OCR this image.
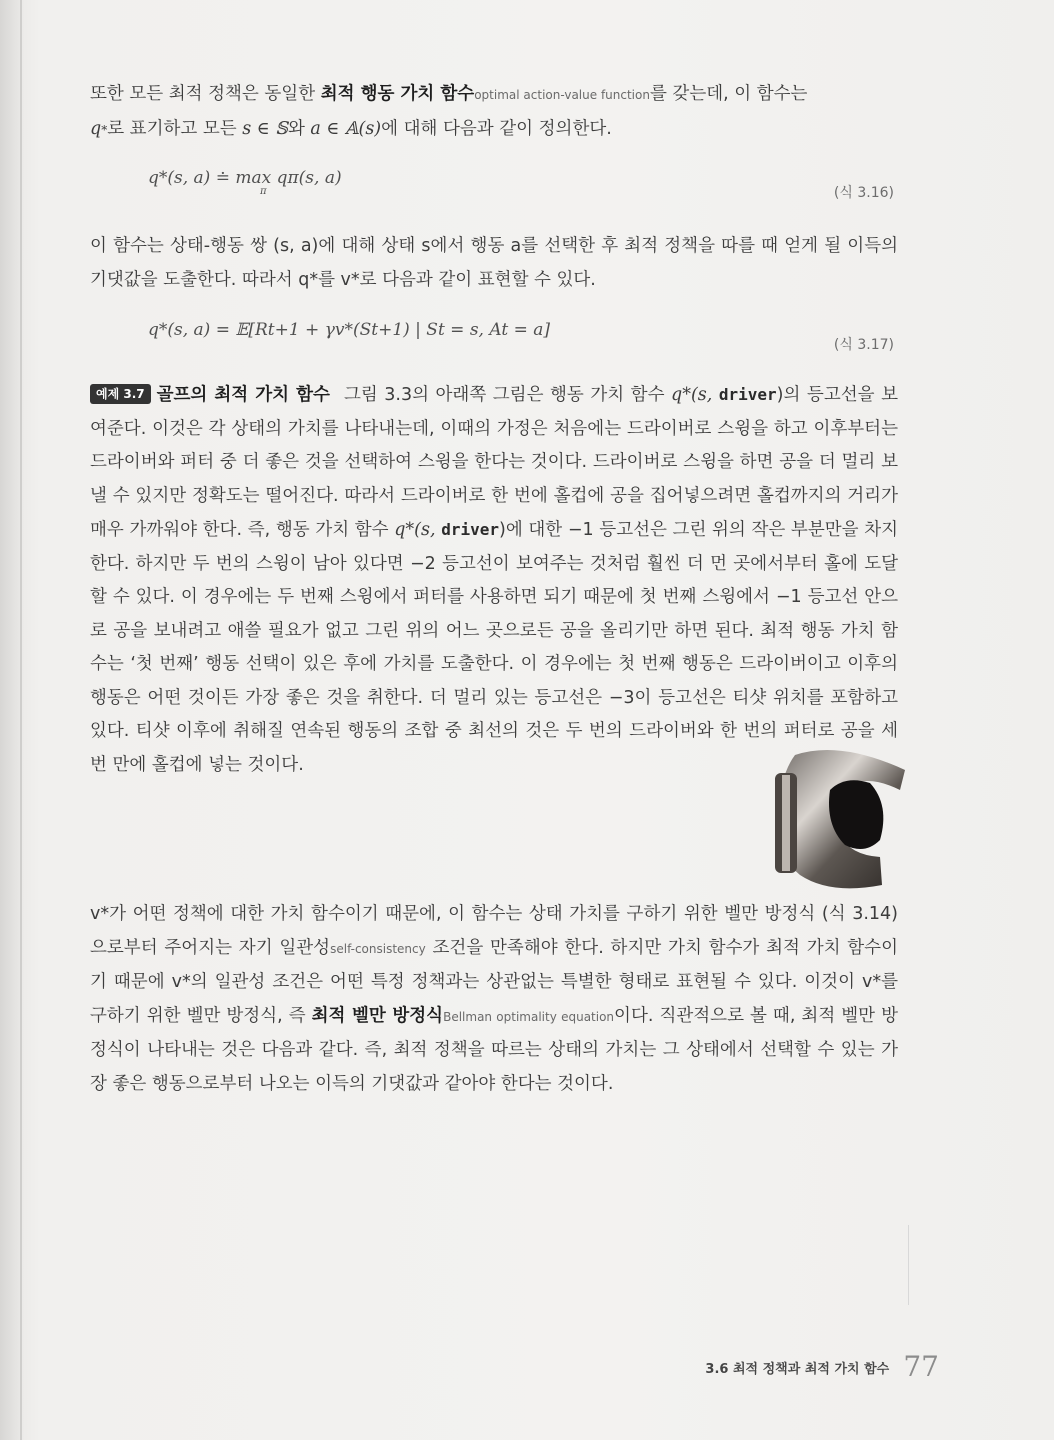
또한 모든 최적 정책은 동일한 최적 행동 가치 함수optimal action-value function를 갖는데, 이 함수는
q*로 표기하고 모든 s ∈ 𝕊와 a ∈ 𝔸(s)에 대해 다음과 같이 정의한다.
q*(s, a) ≐ max qπ(s, a)
π	(식 3.16)
이 함수는 상태-행동 쌍 (s, a)에 대해 상태 s에서 행동 a를 선택한 후 최적 정책을 따를 때 얻게 될 이득의 기댓값을 도출한다. 따라서 q*를 v*로 다음과 같이 표현할 수 있다.
q*(s, a) = 𝔼[Rt+1 + γv*(St+1) | St = s, At = a]
(식 3.17)
예제 3.7 골프의 최적 가치 함수 그림 3.3의 아래쪽 그림은 행동 가치 함수 q*(s, driver)의 등고선을 보여준다. 이것은 각 상태의 가치를 나타내는데, 이때의 가정은 처음에는 드라이버로 스윙을 하고 이후부터는 드라이버와 퍼터 중 더 좋은 것을 선택하여 스윙을 한다는 것이다. 드라이버로 스윙을 하면 공을 더 멀리 보낼 수 있지만 정확도는 떨어진다. 따라서 드라이버로 한 번에 홀컵에 공을 집어넣으려면 홀컵까지의 거리가 매우 가까워야 한다. 즉, 행동 가치 함수 q*(s, driver)에 대한 −1 등고선은 그린 위의 작은 부분만을 차지한다. 하지만 두 번의 스윙이 남아 있다면 −2 등고선이 보여주는 것처럼 훨씬 더 먼 곳에서부터 홀에 도달할 수 있다. 이 경우에는 두 번째 스윙에서 퍼터를 사용하면 되기 때문에 첫 번째 스윙에서 −1 등고선 안으로 공을 보내려고 애쓸 필요가 없고 그린 위의 어느 곳으로든 공을 올리기만 하면 된다. 최적 행동 가치 함수는 ‘첫 번째’ 행동 선택이 있은 후에 가치를 도출한다. 이 경우에는 첫 번째 행동은 드라이버이고 이후의 행동은 어떤 것이든 가장 좋은 것을 취한다. 더 멀리 있는 등고선은 −3이 등고선은 티샷 위치를 포함하고 있다. 티샷 이후에 취해질 연속된 행동의 조합 중 최선의 것은 두 번의 드라이버와 한 번의 퍼터로 공을 세 번 만에 홀컵에 넣는 것이다.
v*가 어떤 정책에 대한 가치 함수이기 때문에, 이 함수는 상태 가치를 구하기 위한 벨만 방정식 (식 3.14)으로부터 주어지는 자기 일관성self-consistency 조건을 만족해야 한다. 하지만 가치 함수가 최적 가치 함수이기 때문에 v*의 일관성 조건은 어떤 특정 정책과는 상관없는 특별한 형태로 표현될 수 있다. 이것이 v*를 구하기 위한 벨만 방정식, 즉 최적 벨만 방정식Bellman optimality equation이다. 직관적으로 볼 때, 최적 벨만 방정식이 나타내는 것은 다음과 같다. 즉, 최적 정책을 따르는 상태의 가치는 그 상태에서 선택할 수 있는 가장 좋은 행동으로부터 나오는 이득의 기댓값과 같아야 한다는 것이다.
3.6 최적 정책과 최적 가치 함수 77
